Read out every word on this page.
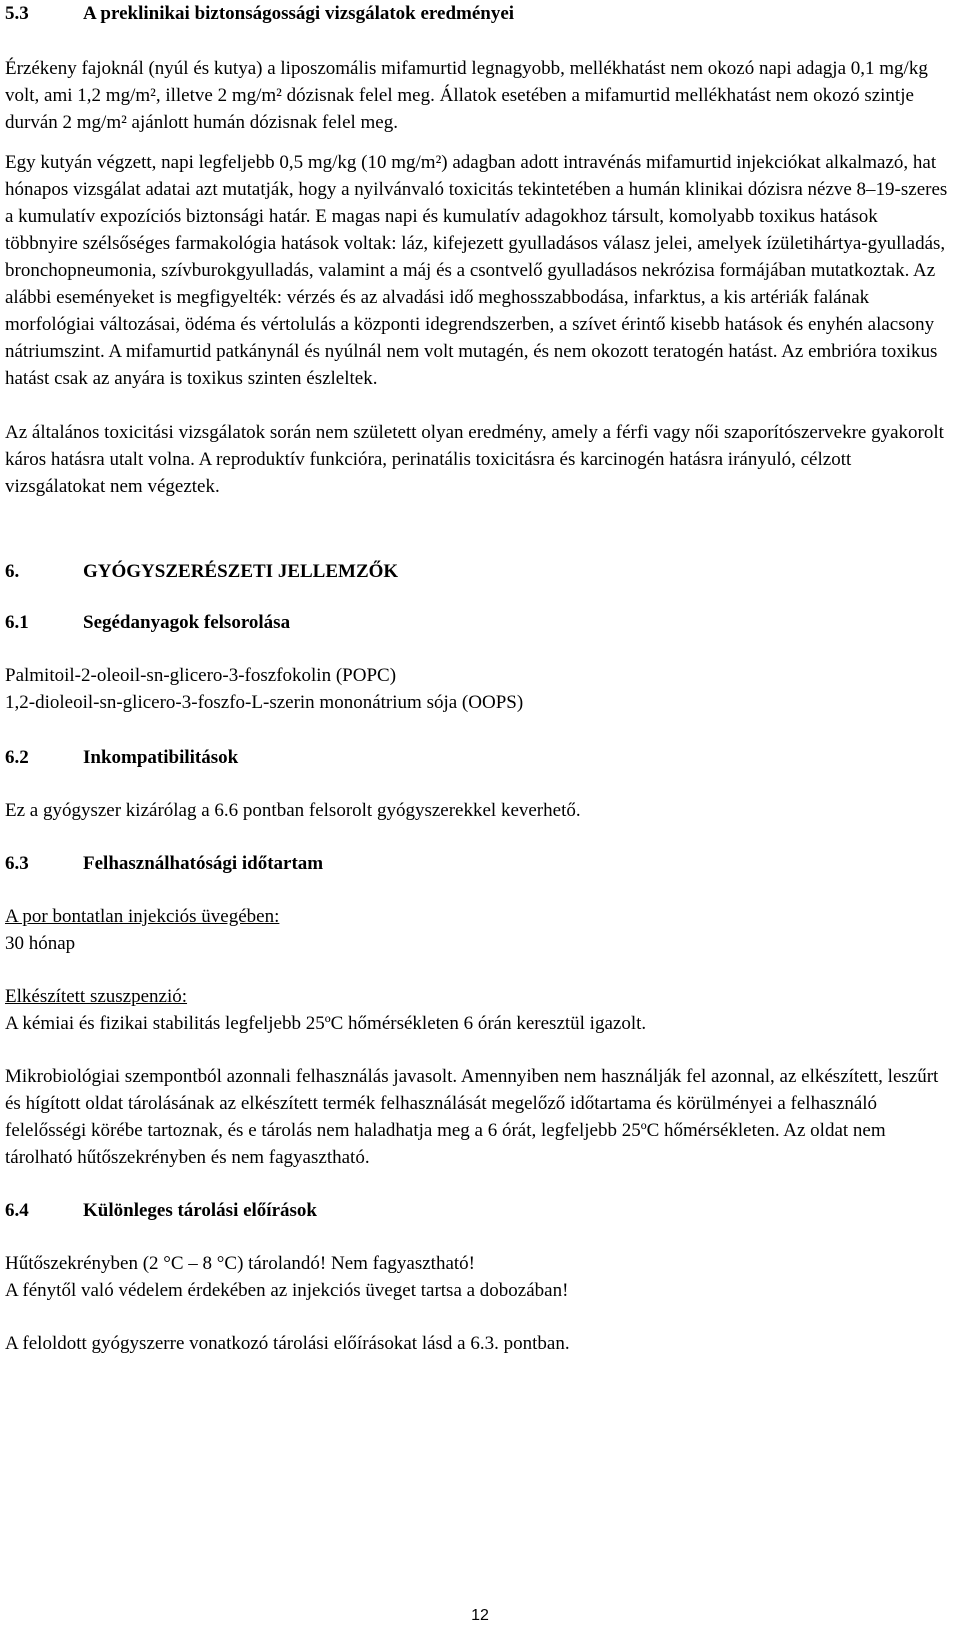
5.3	A preklinikai biztonságossági vizsgálatok eredményei

Érzékeny fajoknál (nyúl és kutya) a liposzomális mifamurtid legnagyobb, mellékhatást nem okozó napi adagja 0,1 mg/kg volt, ami 1,2 mg/m², illetve 2 mg/m² dózisnak felel meg. Állatok esetében a mifamurtid mellékhatást nem okozó szintje durván 2 mg/m² ajánlott humán dózisnak felel meg.

Egy kutyán végzett, napi legfeljebb 0,5 mg/kg (10 mg/m²) adagban adott intravénás mifamurtid injekciókat alkalmazó, hat hónapos vizsgálat adatai azt mutatják, hogy a nyilvánvaló toxicitás tekintetében a humán klinikai dózisra nézve 8–19-szeres a kumulatív expozíciós biztonsági határ. E magas napi és kumulatív adagokhoz társult, komolyabb toxikus hatások többnyire szélsőséges farmakológia hatások voltak: láz, kifejezett gyulladásos válasz jelei, amelyek ízületihártya-gyulladás, bronchopneumonia, szívburokgyulladás, valamint a máj és a csontvelő gyulladásos nekrózisa formájában mutatkoztak. Az alábbi eseményeket is megfigyelték: vérzés és az alvadási idő meghosszabbodása, infarktus, a kis artériák falának morfológiai változásai, ödéma és vértolulás a központi idegrendszerben, a szívet érintő kisebb hatások és enyhén alacsony nátriumszint. A mifamurtid patkánynál és nyúlnál nem volt mutagén, és nem okozott teratogén hatást. Az embrióra toxikus hatást csak az anyára is toxikus szinten észleltek.

Az általános toxicitási vizsgálatok során nem született olyan eredmény, amely a férfi vagy női szaporítószervekre gyakorolt káros hatásra utalt volna. A reproduktív funkcióra, perinatális toxicitásra és karcinogén hatásra irányuló, célzott vizsgálatokat nem végeztek.

6.	GYÓGYSZERÉSZETI JELLEMZŐK
6.1	Segédanyagok felsorolása

Palmitoil-2-oleoil-sn-glicero-3-foszfokolin (POPC)

1,2-dioleoil-sn-glicero-3-foszfo-L-szerin mononátrium sója (OOPS)

6.2	Inkompatibilitások

Ez a gyógyszer kizárólag a 6.6 pontban felsorolt gyógyszerekkel keverhető.

6.3	Felhasználhatósági időtartam

A por bontatlan injekciós üvegében:

30 hónap

Elkészített szuszpenzió:

A kémiai és fizikai stabilitás legfeljebb 25ºC hőmérsékleten 6 órán keresztül igazolt.

Mikrobiológiai szempontból azonnali felhasználás javasolt. Amennyiben nem használják fel azonnal, az elkészített, leszűrt és hígított oldat tárolásának az elkészített termék felhasználását megelőző időtartama és körülményei a felhasználó felelősségi körébe tartoznak, és e tárolás nem haladhatja meg a 6 órát, legfeljebb 25ºC hőmérsékleten. Az oldat nem tárolható hűtőszekrényben és nem fagyasztható.

6.4	Különleges tárolási előírások

Hűtőszekrényben (2 °C – 8 °C) tárolandó! Nem fagyasztható!

A fénytől való védelem érdekében az injekciós üveget tartsa a dobozában!

A feloldott gyógyszerre vonatkozó tárolási előírásokat lásd a 6.3. pontban.

12
